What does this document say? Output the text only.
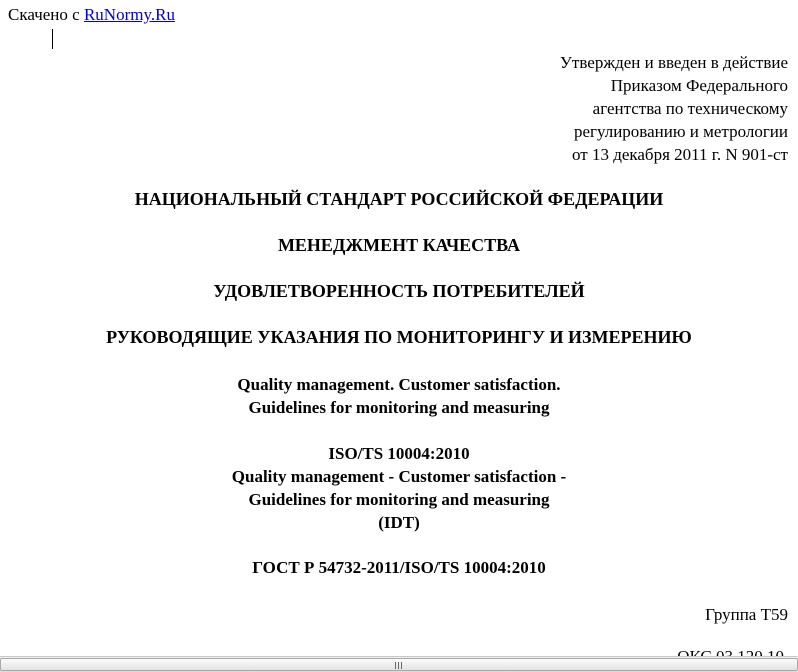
Скачено с RuNormy.Ru
Утвержден и введен в действие
Приказом Федерального
агентства по техническому
регулированию и метрологии
от 13 декабря 2011 г. N 901-ст
НАЦИОНАЛЬНЫЙ СТАНДАРТ РОССИЙСКОЙ ФЕДЕРАЦИИ
МЕНЕДЖМЕНТ КАЧЕСТВА
УДОВЛЕТВОРЕННОСТЬ ПОТРЕБИТЕЛЕЙ
РУКОВОДЯЩИЕ УКАЗАНИЯ ПО МОНИТОРИНГУ И ИЗМЕРЕНИЮ
Quality management. Customer satisfaction.
Guidelines for monitoring and measuring
ISO/TS 10004:2010
Quality management - Customer satisfaction -
Guidelines for monitoring and measuring
(IDT)
ГОСТ Р 54732-2011/ISO/TS 10004:2010
Группа Т59
